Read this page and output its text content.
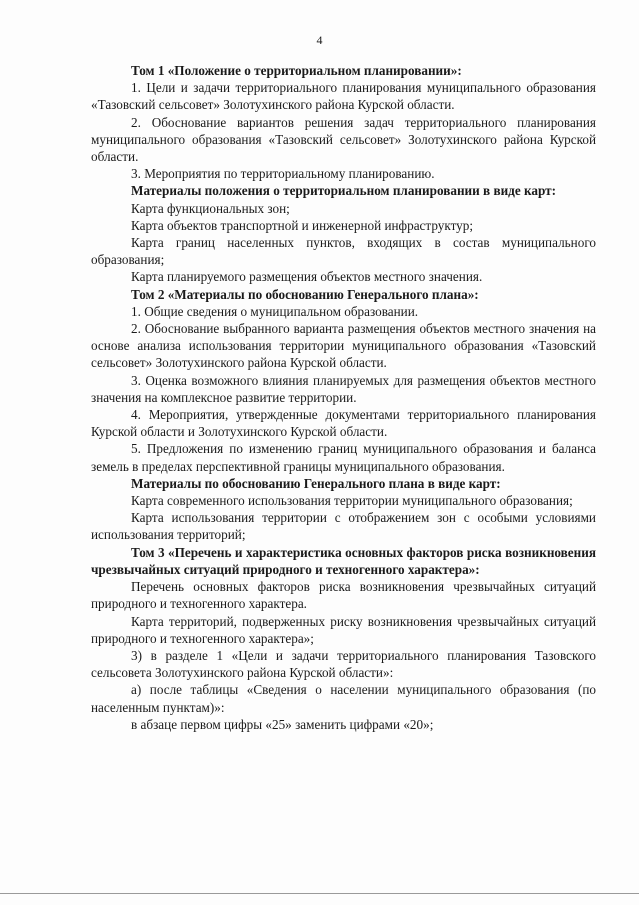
4

Том 1 «Положение о территориальном планировании»:

1. Цели и задачи территориального планирования муниципального образования «Тазовский сельсовет» Золотухинского района Курской области.

2. Обоснование вариантов решения задач территориального планирования муниципального образования «Тазовский сельсовет» Золотухинского района Курской области.

3. Мероприятия по территориальному планированию.

Материалы положения о территориальном планировании в виде карт:

Карта функциональных зон;

Карта объектов транспортной и инженерной инфраструктур;

Карта границ населенных пунктов, входящих в состав муниципального образования;

Карта планируемого размещения объектов местного значения.

Том 2 «Материалы по обоснованию Генерального плана»:

1. Общие сведения о муниципальном образовании.

2. Обоснование выбранного варианта размещения объектов местного значения на основе анализа использования территории муниципального образования «Тазовский сельсовет» Золотухинского района Курской области.

3. Оценка возможного влияния планируемых для размещения объектов местного значения на комплексное развитие территории.

4. Мероприятия, утвержденные документами территориального планирования Курской области и Золотухинского Курской области.

5. Предложения по изменению границ муниципального образования и баланса земель в пределах перспективной границы муниципального образования.

Материалы по обоснованию Генерального плана в виде карт:

Карта современного использования территории муниципального образования;

Карта использования территории с отображением зон с особыми условиями использования территорий;

Том 3 «Перечень и характеристика основных факторов риска возникновения чрезвычайных ситуаций природного и техногенного характера»:

Перечень основных факторов риска возникновения чрезвычайных ситуаций природного и техногенного характера.

Карта территорий, подверженных риску возникновения чрезвычайных ситуаций природного и техногенного характера»;

3) в разделе 1 «Цели и задачи территориального планирования Тазовского сельсовета Золотухинского района Курской области»:

а) после таблицы «Сведения о населении муниципального образования (по населенным пунктам)»:

в абзаце первом цифры «25» заменить цифрами «20»;
